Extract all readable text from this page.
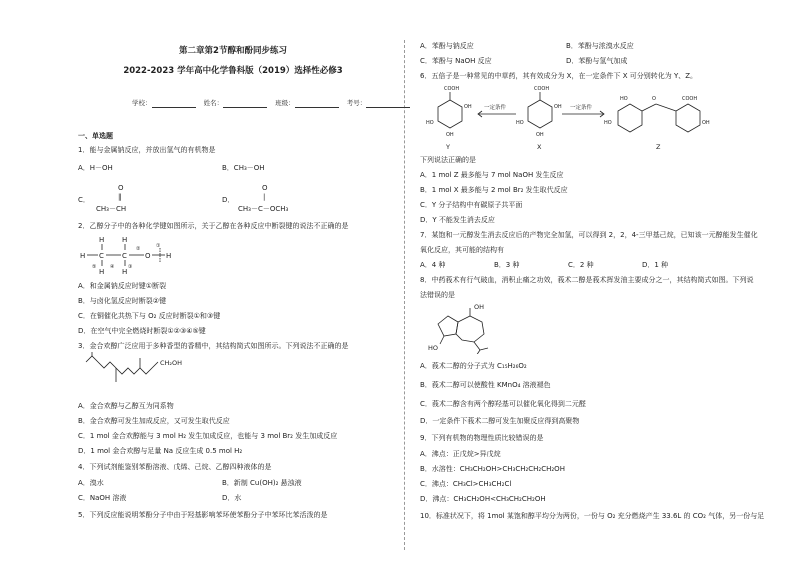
第二章第2节醇和酚同步练习
2022-2023 学年高中化学鲁科版（2019）选择性必修3
学校：	姓名：	班级：	考号：
一、单选题
1．能与金属钠反应，并放出氢气的有机物是
A．H－OH	B．CH₃－OH
O
‖
C．
CH₃－CH
O
|
D．
CH₃－C－OCH₃
2．乙醇分子中的各种化学键如图所示，关于乙醇在各种反应中断裂键的说法不正确的是
H C	C	O H
H	H
H	H
②	①
⑤	④	③
A．和金属钠反应时键①断裂
B．与卤化氢反应时断裂②键
C．在铜催化共热下与 O₂ 反应时断裂①和③键
D．在空气中完全燃烧时断裂①②③④⑤键
3．金合欢醇广泛应用于多种香型的香精中，其结构简式如图所示。下列说法不正确的是
CH₂OH
A．金合欢醇与乙醇互为同系物
B．金合欢醇可发生加成反应，又可发生取代反应
C．1 mol 金合欢醇能与 3 mol H₂ 发生加成反应，也能与 3 mol Br₂ 发生加成反应
D．1 mol 金合欢醇与足量 Na 反应生成 0.5 mol H₂
4．下列试剂能鉴别苯酚溶液、戊烯、己烷、乙醇四种液体的是
A．溴水	B．新制 Cu(OH)₂ 悬浊液
C．NaOH 溶液	D．水
5．下列反应能说明苯酚分子中由于羟基影响苯环使苯酚分子中苯环比苯活泼的是
A．苯酚与钠反应	B．苯酚与浓溴水反应
C．苯酚与 NaOH 反应	D．苯酚与氢气加成
6．五倍子是一种常见的中草药，其有效成分为 X，在一定条件下 X 可分别转化为 Y、Z。
COOH	COOH
HO	HO
OH	OH
OH	OH
HO	O	COOH
HO	OH
一定条件	一定条件
Y	X	Z
下列说法正确的是
A．1 mol Z 最多能与 7 mol NaOH 发生反应
B．1 mol X 最多能与 2 mol Br₂ 发生取代反应
C．Y 分子结构中有碳原子共平面
D．Y 不能发生消去反应
7．某饱和一元醇发生消去反应后的产物完全加氢，可以得到 2，2，4-三甲基己烷，已知该一元醇能发生催化
氧化反应，其可能的结构有
A．4 种	B．3 种	C．2 种	D．1 种
8．中药莪术有行气破血，消积止痛之功效，莪术二醇是莪术挥发油主要成分之一，其结构简式如图。下列说
法错误的是
OH
HO
A．莪术二醇的分子式为 C₁₅H₂₆O₂
B．莪术二醇可以使酸性 KMnO₄ 溶液褪色
C．莪术二醇含有两个醇羟基可以催化氧化得到二元醛
D．一定条件下莪术二醇可发生加聚反应得到高聚物
9．下列有机物的物理性质比较错误的是
A．沸点：正戊烷>异戊烷
B．水溶性：CH₃CH₂OH>CH₃CH₂CH₂CH₂OH
C．沸点：CH₃Cl>CH₃CH₂Cl
D．沸点：CH₃CH₂OH<CH₃CH₂CH₂OH
10．标准状况下，将 1mol 某饱和醇平均分为两份，一份与 O₂ 充分燃烧产生 33.6L 的 CO₂ 气体，另一份与足
